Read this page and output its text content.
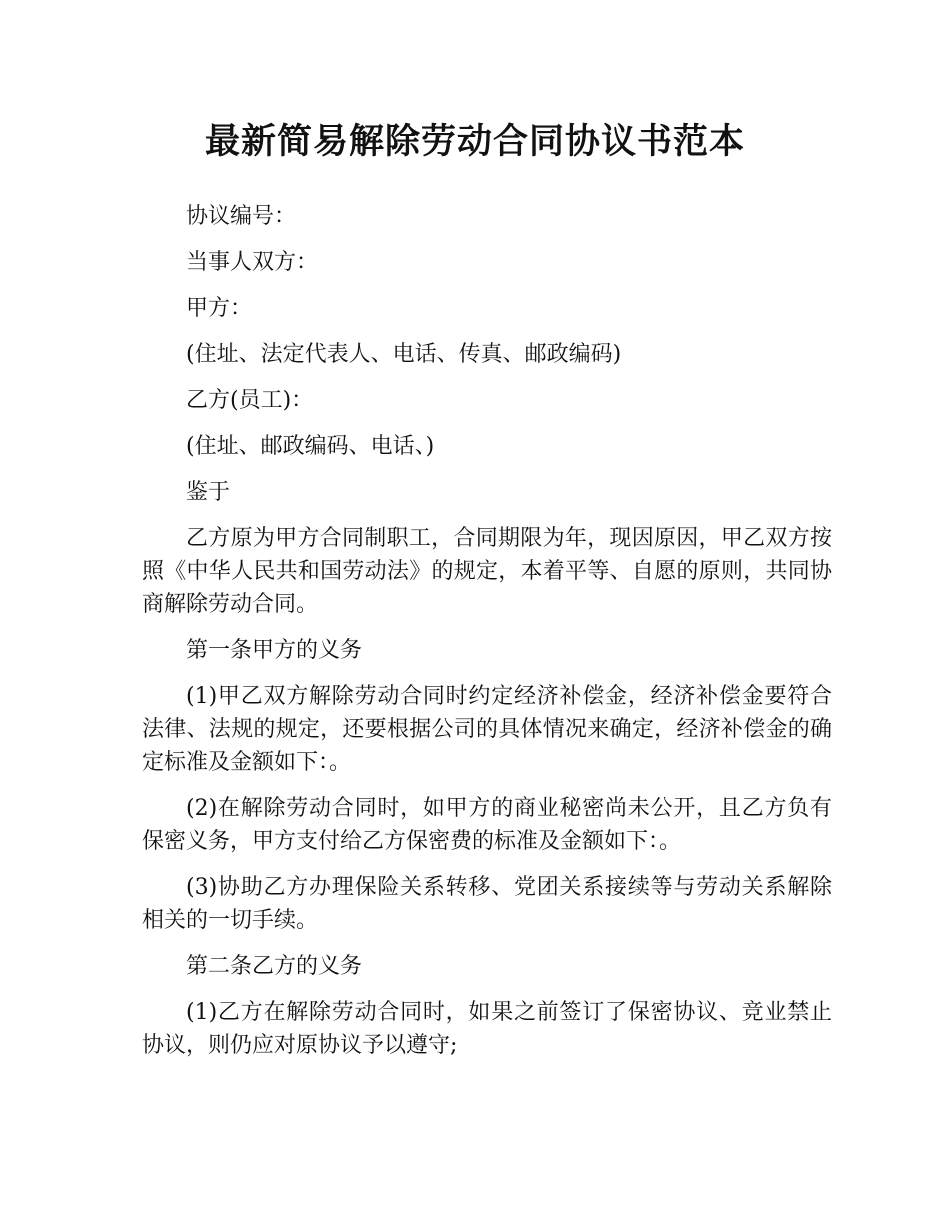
最新简易解除劳动合同协议书范本

协议编号：

当事人双方：

甲方：

(住址、法定代表人、电话、传真、邮政编码)

乙方(员工)：

(住址、邮政编码、电话、)

鉴于

乙方原为甲方合同制职工，合同期限为年，现因原因，甲乙双方按照《中华人民共和国劳动法》的规定，本着平等、自愿的原则，共同协商解除劳动合同。

第一条甲方的义务

(1)甲乙双方解除劳动合同时约定经济补偿金，经济补偿金要符合法律、法规的规定，还要根据公司的具体情况来确定，经济补偿金的确定标准及金额如下：。

(2)在解除劳动合同时，如甲方的商业秘密尚未公开，且乙方负有保密义务，甲方支付给乙方保密费的标准及金额如下：。

(3)协助乙方办理保险关系转移、党团关系接续等与劳动关系解除相关的一切手续。

第二条乙方的义务

(1)乙方在解除劳动合同时，如果之前签订了保密协议、竞业禁止协议，则仍应对原协议予以遵守;
